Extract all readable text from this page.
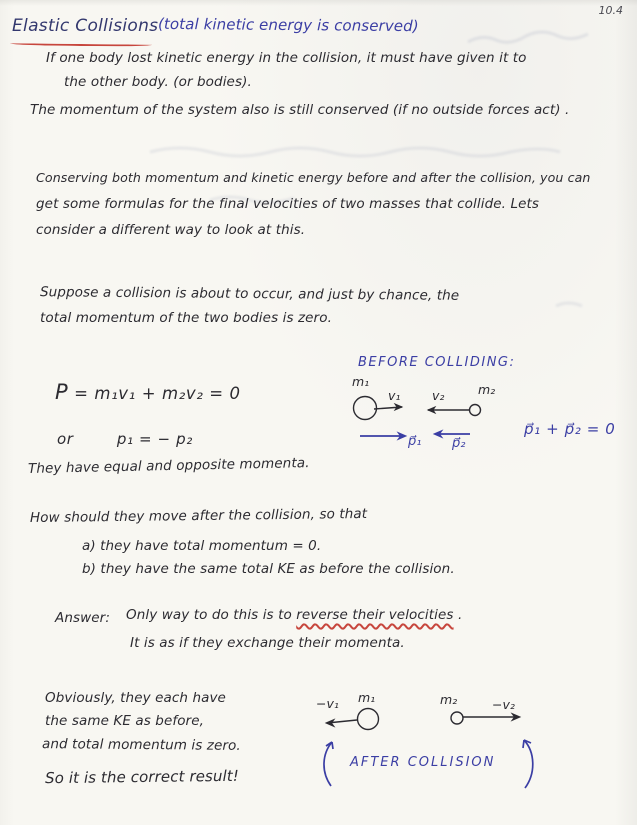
10.4
Elastic Collisions (total kinetic energy is conserved)
If one body lost kinetic energy in the collision, it must have given it to
the other body. (or bodies).
The momentum of the system also is still conserved (if no outside forces act) .
Conserving both momentum and kinetic energy before and after the collision, you can
get some formulas for the final velocities of two masses that collide. Lets
consider a different way to look at this.
Suppose a collision is about to occur, and just by chance, the
total momentum of the two bodies is zero.
P = m₁v₁ + m₂v₂ = 0
or	p₁ = − p₂
BEFORE COLLIDING:
m₁
v₁	v₂	m₂
p⃗₁ p⃗₂
p⃗₁ + p⃗₂ = 0
They have equal and opposite momenta.
How should they move after the collision, so that
a) they have total momentum = 0.
b) they have the same total KE as before the collision.
Answer: Only way to do this is to reverse their velocities .
It is as if they exchange their momenta.
Obviously, they each have
the same KE as before,
and total momentum is zero.
So it is the correct result!
−v₁ m₁	m₂	−v₂
AFTER COLLISION
